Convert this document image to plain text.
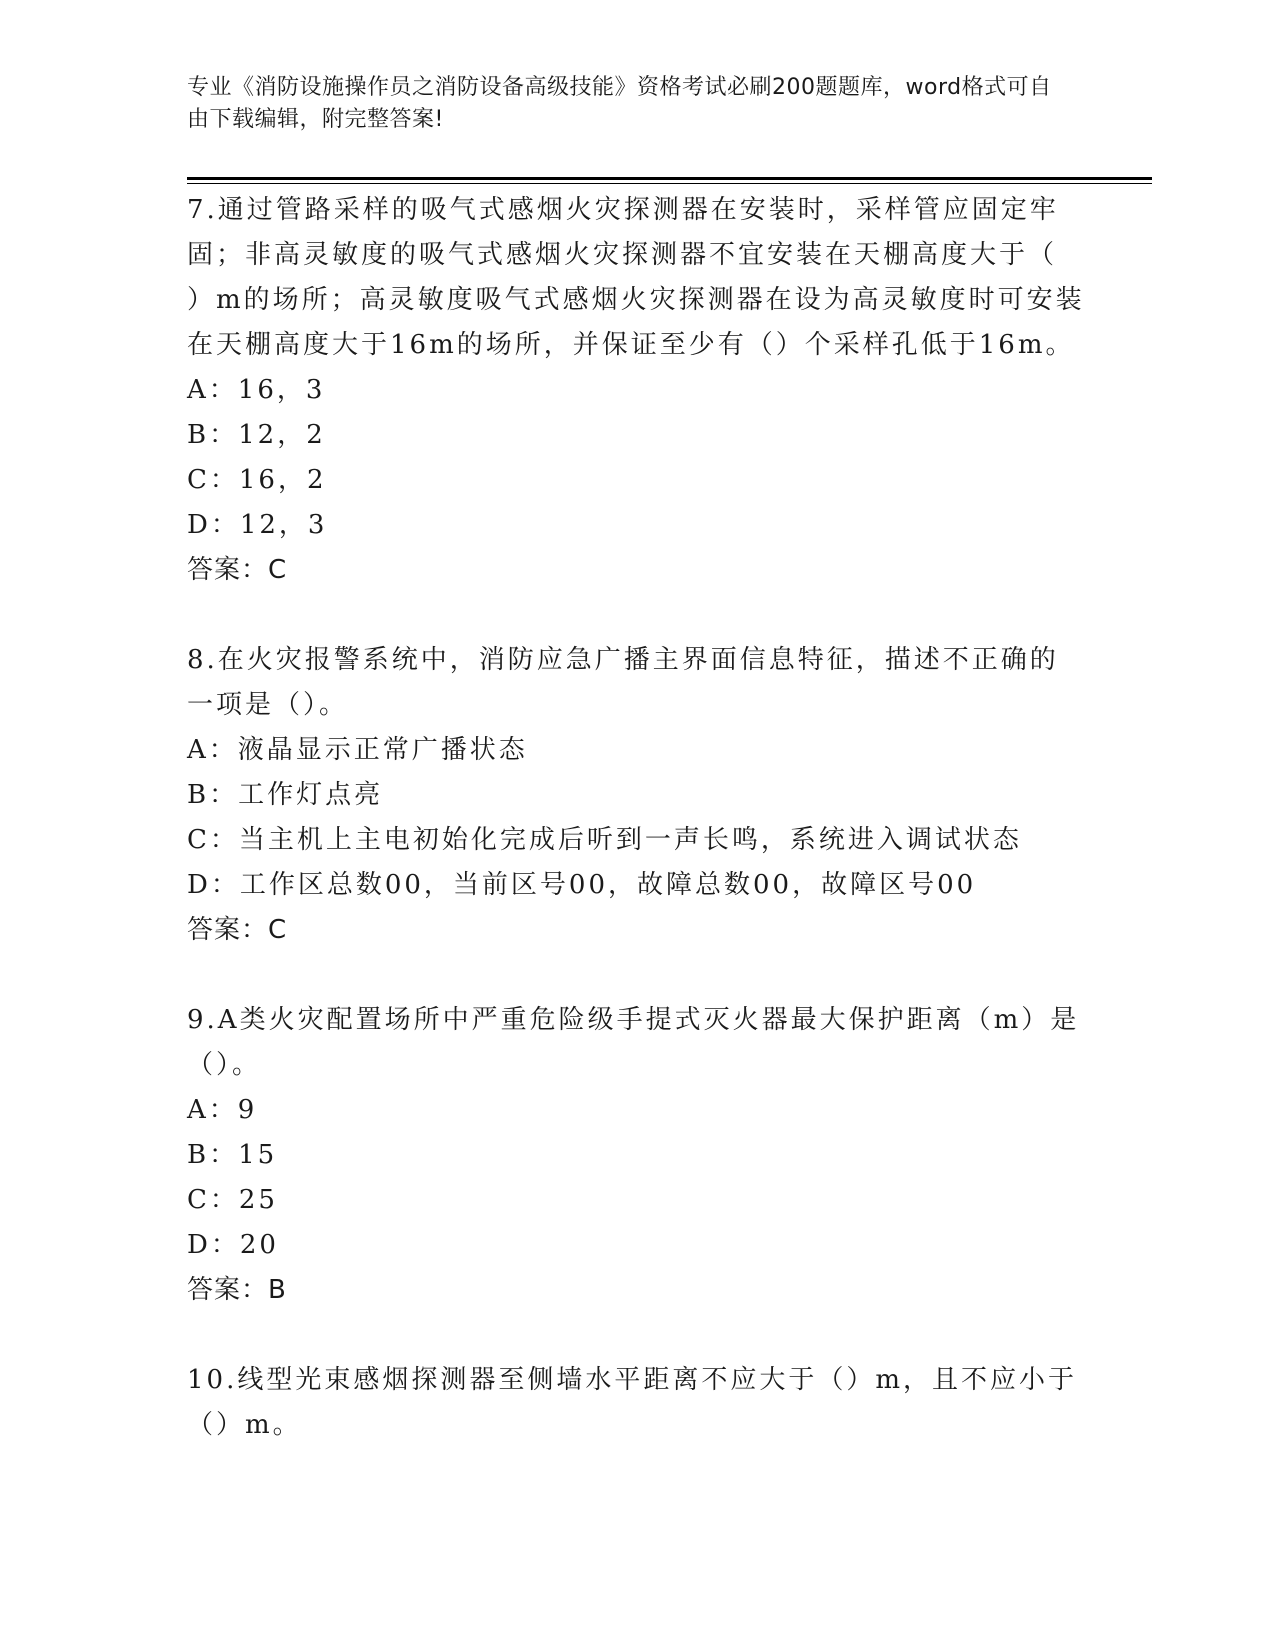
专业《消防设施操作员之消防设备高级技能》资格考试必刷200题题库，word格式可自由下载编辑，附完整答案!

7.通过管路采样的吸气式感烟火灾探测器在安装时，采样管应固定牢

固；非高灵敏度的吸气式感烟火灾探测器不宜安装在天棚高度大于（

）m的场所；高灵敏度吸气式感烟火灾探测器在设为高灵敏度时可安装

在天棚高度大于16m的场所，并保证至少有（）个采样孔低于16m。

A：16，3

B：12，2

C：16，2

D：12，3

答案：C

8.在火灾报警系统中，消防应急广播主界面信息特征，描述不正确的

一项是（）。

A：液晶显示正常广播状态

B：工作灯点亮

C：当主机上主电初始化完成后听到一声长鸣，系统进入调试状态

D：工作区总数00，当前区号00，故障总数00，故障区号00

答案：C

9.A类火灾配置场所中严重危险级手提式灭火器最大保护距离（m）是

（）。

A：9

B：15

C：25

D：20

答案：B

10.线型光束感烟探测器至侧墙水平距离不应大于（）m，且不应小于

（）m。
